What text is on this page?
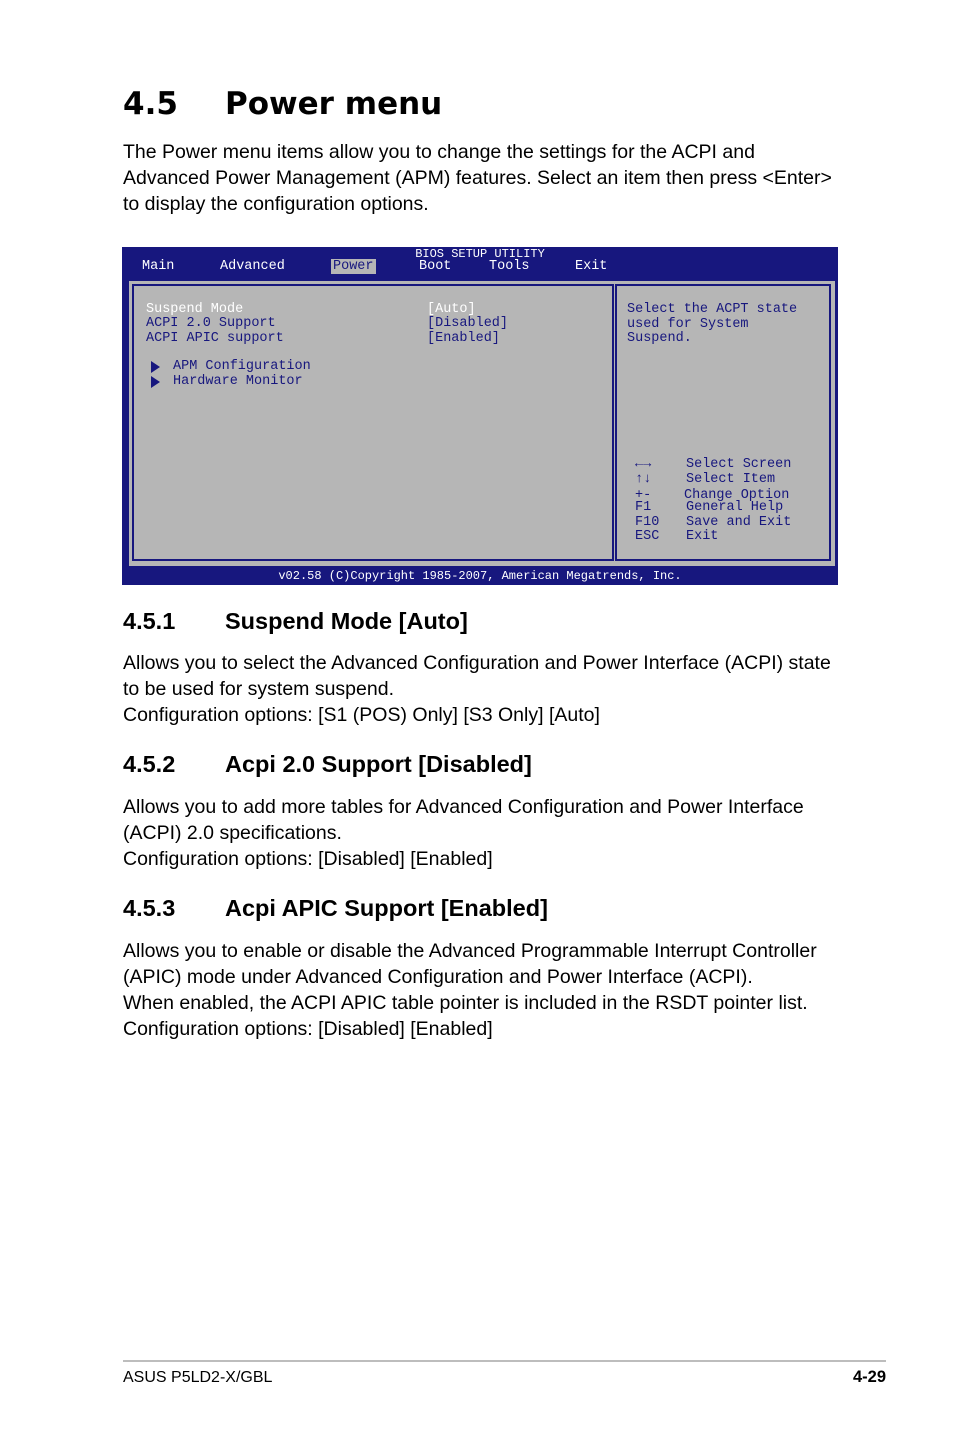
4.5 Power menu

The Power menu items allow you to change the settings for the ACPI and

Advanced Power Management (APM) features. Select an item then press <Enter>

to display the configuration options.

BIOS SETUP UTILITY
Main	Advanced	Power	Boot	Tools	Exit
Suspend Mode	[Auto]
ACPI 2.0 Support	[Disabled]
ACPI APIC support	[Enabled]
APM Configuration
Hardware Monitor
Select the ACPT state
used for System
Suspend.
←→	Select Screen
↑↓	Select Item
+- Change Option
F1	General Help
F10 Save and Exit
ESC Exit
v02.58 (C)Copyright 1985-2007, American Megatrends, Inc.
4.5.1 Suspend Mode [Auto]

Allows you to select the Advanced Configuration and Power Interface (ACPI) state

to be used for system suspend.

Configuration options: [S1 (POS) Only] [S3 Only] [Auto]

4.5.2 Acpi 2.0 Support [Disabled]

Allows you to add more tables for Advanced Configuration and Power Interface

(ACPI) 2.0 specifications.

Configuration options: [Disabled] [Enabled]

4.5.3 Acpi APIC Support [Enabled]

Allows you to enable or disable the Advanced Programmable Interrupt Controller

(APIC) mode under Advanced Configuration and Power Interface (ACPI).

When enabled, the ACPI APIC table pointer is included in the RSDT pointer list.

Configuration options: [Disabled] [Enabled]

ASUS P5LD2-X/GBL	4-29
